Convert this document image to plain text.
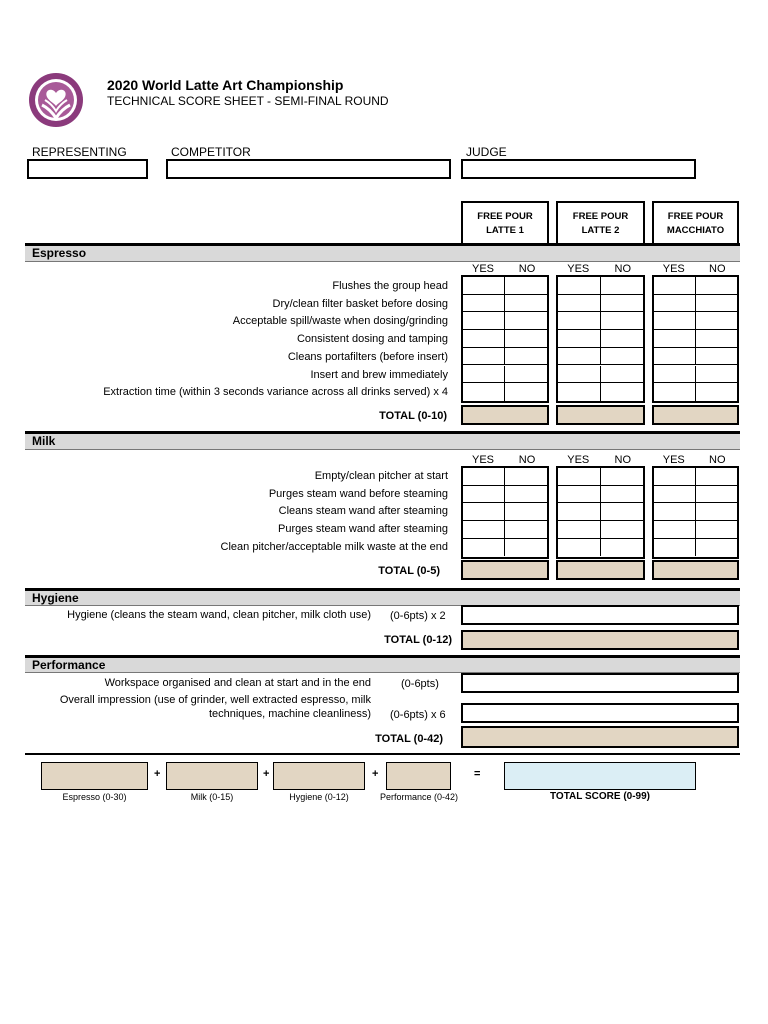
2020 World Latte Art Championship
TECHNICAL SCORE SHEET - SEMI-FINAL ROUND
REPRESENTING	COMPETITOR	JUDGE
FREE POUR
LATTE 1
FREE POUR
LATTE 2
FREE POUR
MACCHIATO
Espresso
YES	NO	YES	NO	YES	NO
Flushes the group head
Dry/clean filter basket before dosing
Acceptable spill/waste when dosing/grinding
Consistent dosing and tamping
Cleans portafilters (before insert)
Insert and brew immediately
Extraction time (within 3 seconds variance across all drinks served) x 4
TOTAL (0-10)
Milk
YES	NO	YES	NO	YES	NO
Empty/clean pitcher at start
Purges steam wand before steaming
Cleans steam wand after steaming
Purges steam wand after steaming
Clean pitcher/acceptable milk waste at the end
TOTAL (0-5)
Hygiene
Hygiene (cleans the steam wand, clean pitcher, milk cloth use) (0-6pts) x 2
TOTAL (0-12)
Performance
Workspace organised and clean at start and in the end	(0-6pts)
Overall impression (use of grinder, well extracted espresso, milk
techniques, machine cleanliness) (0-6pts) x 6
TOTAL (0-42)
+	+	+	=
Espresso (0-30)	Milk (0-15)	Hygiene (0-12)	Performance (0-42)	TOTAL SCORE (0-99)
